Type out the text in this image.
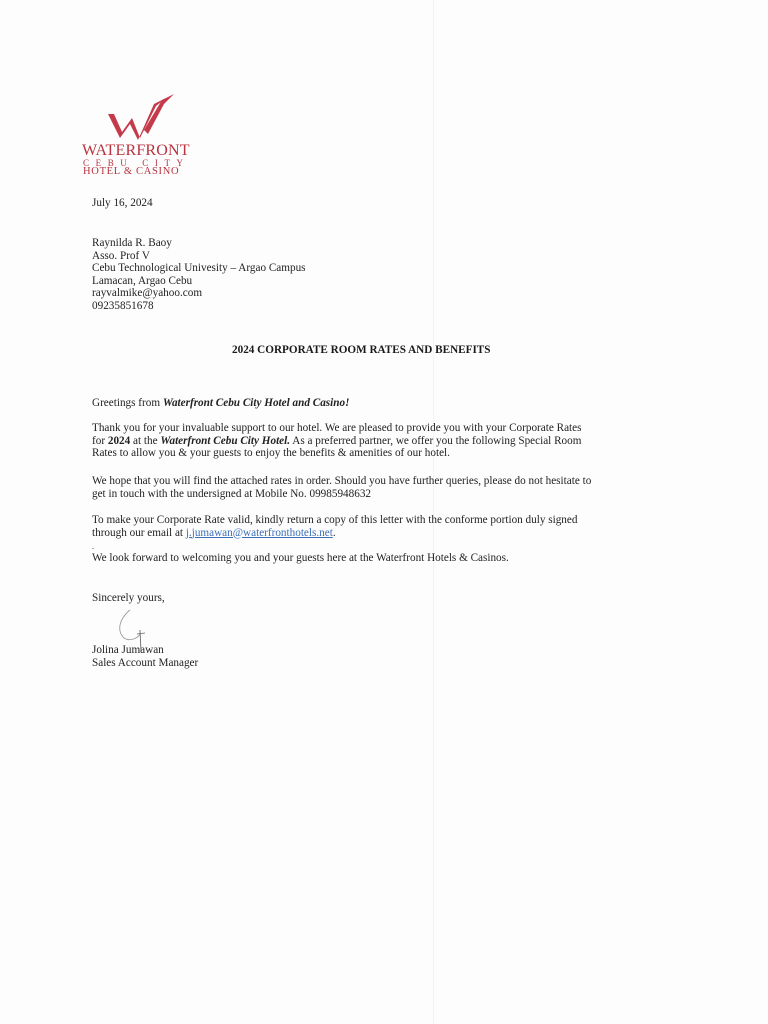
WATERFRONT
CEBU CITY
HOTEL & CASINO
July 16, 2024
Raynilda R. Baoy
Asso. Prof V
Cebu Technological Univesity – Argao Campus
Lamacan, Argao Cebu
rayvalmike@yahoo.com
09235851678
2024 CORPORATE ROOM RATES AND BENEFITS
Greetings from Waterfront Cebu City Hotel and Casino!
Thank you for your invaluable support to our hotel. We are pleased to provide you with your Corporate Rates
for 2024 at the Waterfront Cebu City Hotel. As a preferred partner, we offer you the following Special Room
Rates to allow you & your guests to enjoy the benefits & amenities of our hotel.
We hope that you will find the attached rates in order. Should you have further queries, please do not hesitate to
get in touch with the undersigned at Mobile No. 09985948632
To make your Corporate Rate valid, kindly return a copy of this letter with the conforme portion duly signed
through our email at j.jumawan@waterfronthotels.net.
.
We look forward to welcoming you and your guests here at the Waterfront Hotels & Casinos.
Sincerely yours,
Jolina Jumawan
Sales Account Manager
